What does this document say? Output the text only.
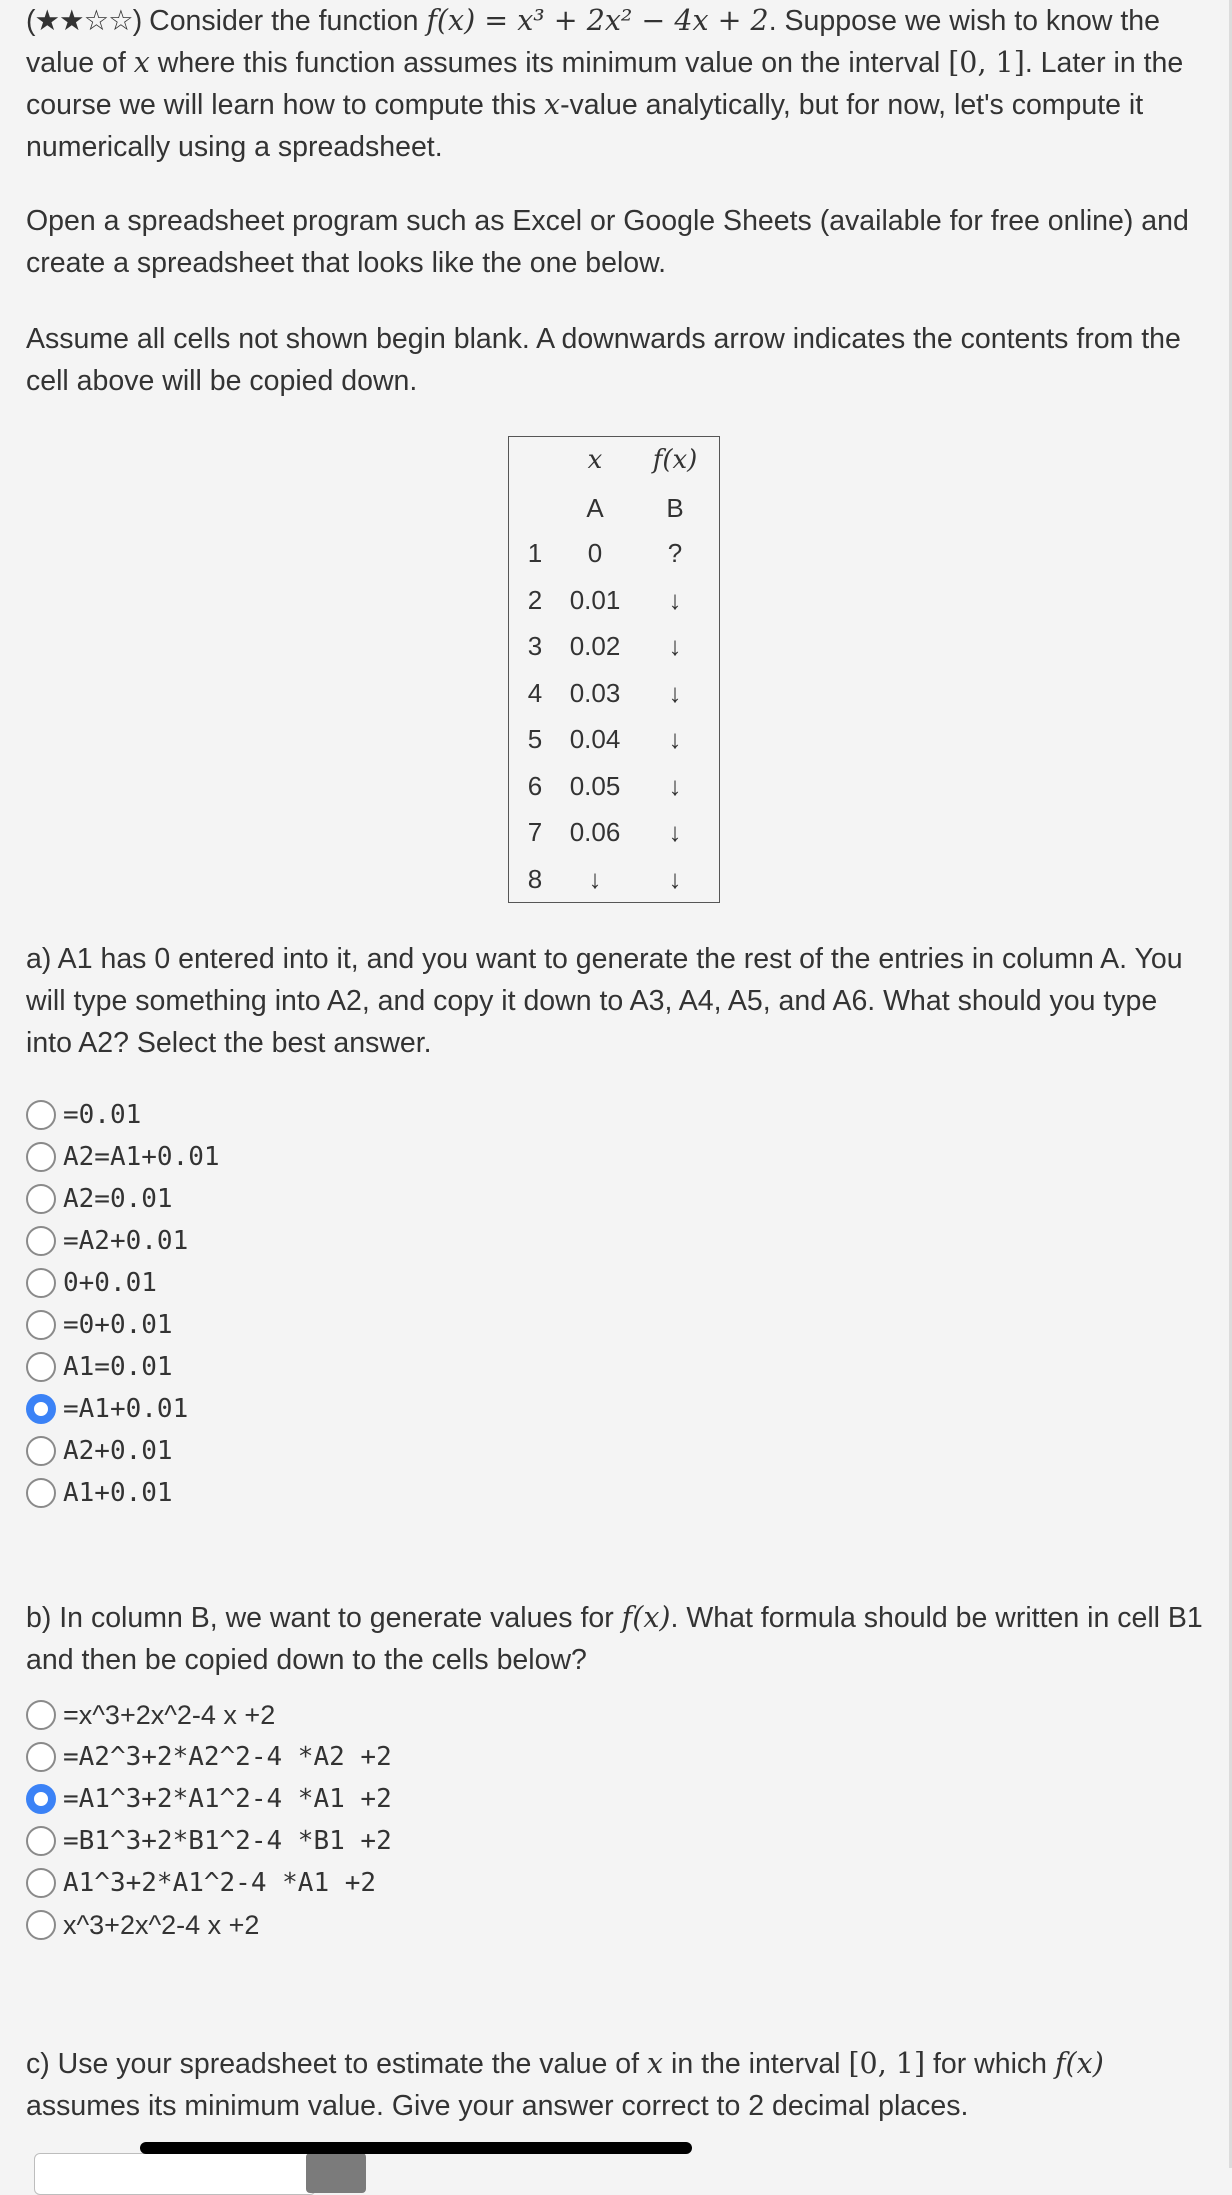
(★★☆☆) Consider the function f(x) = x³ + 2x² − 4x + 2. Suppose we wish to know the value of x where this function assumes its minimum value on the interval [0, 1]. Later in the course we will learn how to compute this x-value analytically, but for now, let's compute it numerically using a spreadsheet.

Open a spreadsheet program such as Excel or Google Sheets (available for free online) and create a spreadsheet that looks like the one below.

Assume all cells not shown begin blank. A downwards arrow indicates the contents from the cell above will be copied down.

a) A1 has 0 entered into it, and you want to generate the rest of the entries in column A. You will type something into A2, and copy it down to A3, A4, A5, and A6. What should you type into A2? Select the best answer.

b) In column B, we want to generate values for f(x). What formula should be written in cell B1 and then be copied down to the cells below?

c) Use your spreadsheet to estimate the value of x in the interval [0, 1] for which f(x) assumes its minimum value. Give your answer correct to 2 decimal places.

x	f(x)
A	B
1	0	?
2	0.01	↓
3	0.02	↓
4	0.03	↓
5	0.04	↓
6	0.05	↓
7	0.06	↓
8	↓	↓
=0.01
A2=A1+0.01
A2=0.01
=A2+0.01
0+0.01
=0+0.01
A1=0.01
=A1+0.01
A2+0.01
A1+0.01
=x^3+2x^2-4 x +2
=A2^3+2*A2^2-4 *A2 +2
=A1^3+2*A1^2-4 *A1 +2
=B1^3+2*B1^2-4 *B1 +2
A1^3+2*A1^2-4 *A1 +2
x^3+2x^2-4 x +2
